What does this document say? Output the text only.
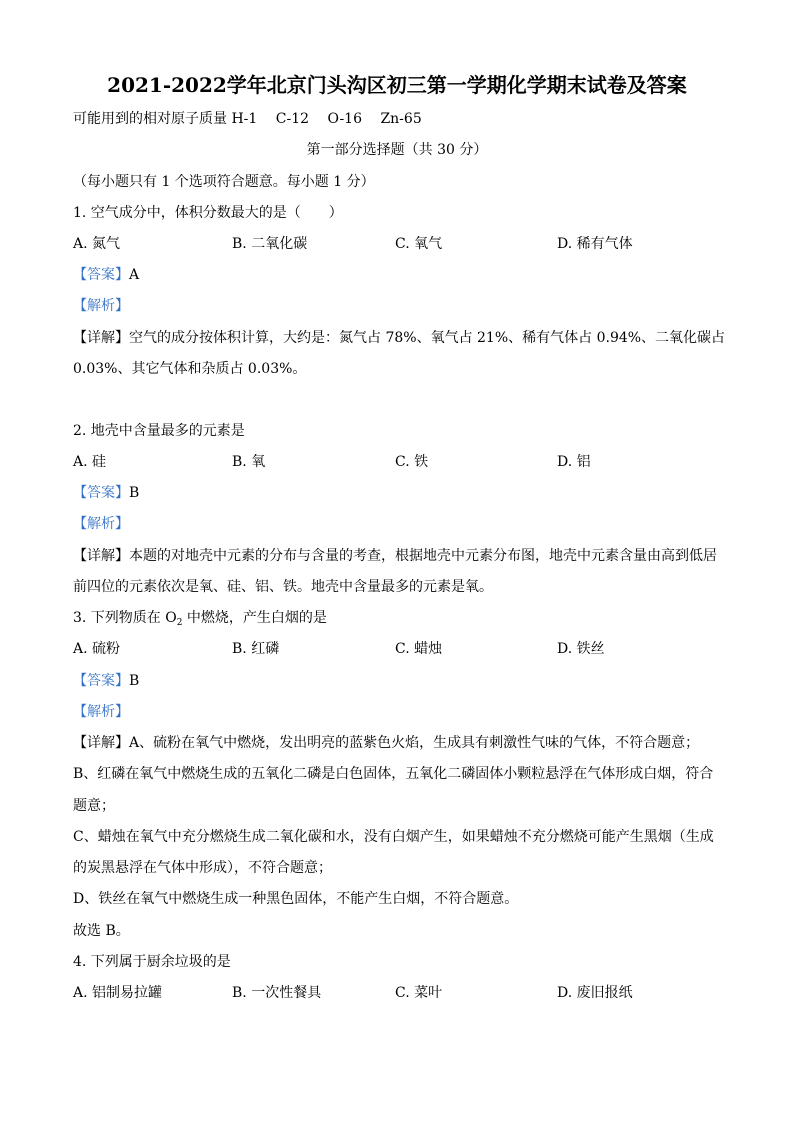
2021-2022学年北京门头沟区初三第一学期化学期末试卷及答案
可能用到的相对原子质量 H-1　 C-12　 O-16　 Zn-65
第一部分选择题（共 30 分）
（每小题只有 1 个选项符合题意。每小题 1 分）
1. 空气成分中，体积分数最大的是（　　）
A. 氮气	B. 二氧化碳	C. 氧气	D. 稀有气体
【答案】A
【解析】
【详解】空气的成分按体积计算，大约是：氮气占 78%、氧气占 21%、稀有气体占 0.94%、二氧化碳占
0.03%、其它气体和杂质占 0.03%。
2. 地壳中含量最多的元素是
A. 硅	B. 氧	C. 铁	D. 铝
【答案】B
【解析】
【详解】本题的对地壳中元素的分布与含量的考查，根据地壳中元素分布图，地壳中元素含量由高到低居
前四位的元素依次是氧、硅、铝、铁。地壳中含量最多的元素是氧。
3. 下列物质在 $O_2$ 中燃烧，产生白烟的是
A. 硫粉	B. 红磷	C. 蜡烛	D. 铁丝
【答案】B
【解析】
【详解】A、硫粉在氧气中燃烧，发出明亮的蓝紫色火焰，生成具有刺激性气味的气体，不符合题意；
B、红磷在氧气中燃烧生成的五氧化二磷是白色固体，五氧化二磷固体小颗粒悬浮在气体形成白烟，符合
题意；
C、蜡烛在氧气中充分燃烧生成二氧化碳和水，没有白烟产生，如果蜡烛不充分燃烧可能产生黑烟（生成
的炭黑悬浮在气体中形成），不符合题意；
D、铁丝在氧气中燃烧生成一种黑色固体，不能产生白烟，不符合题意。
故选 B。
4. 下列属于厨余垃圾的是
A. 铝制易拉罐	B. 一次性餐具	C. 菜叶	D. 废旧报纸
